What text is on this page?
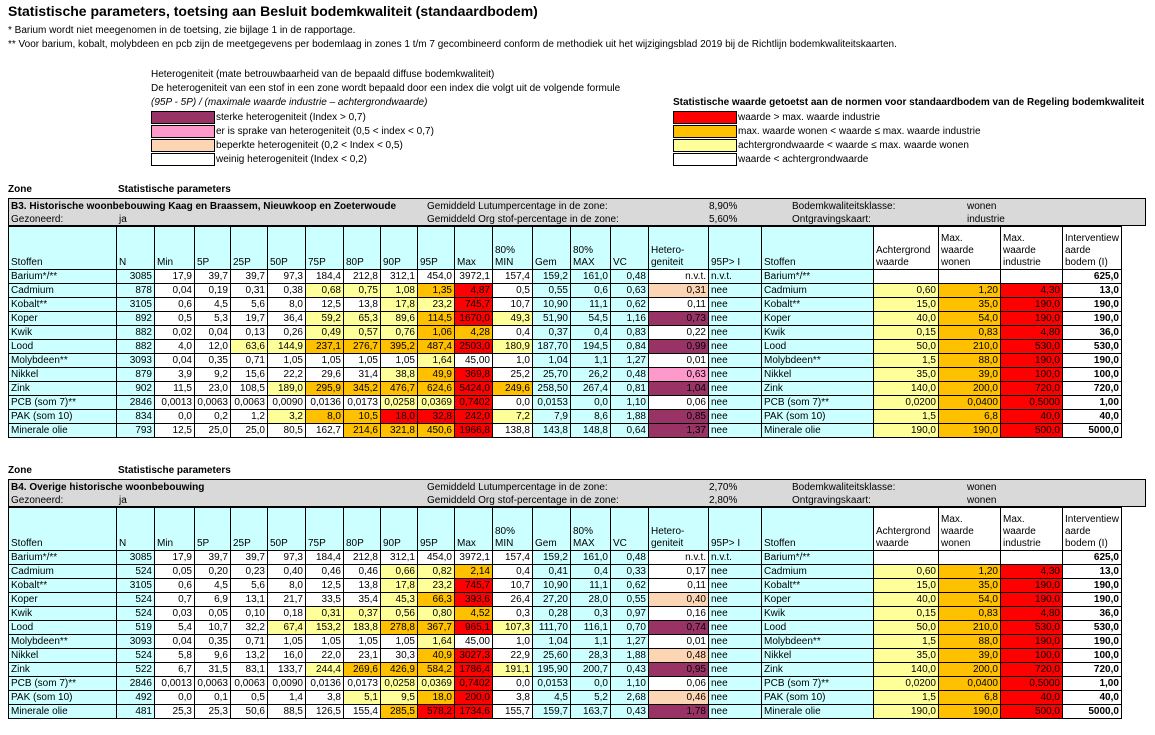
Statistische parameters, toetsing aan Besluit bodemkwaliteit (standaardbodem)
* Barium wordt niet meegenomen in de toetsing, zie bijlage 1 in de rapportage.
** Voor barium, kobalt, molybdeen en pcb zijn de meetgegevens per bodemlaag in zones 1 t/m 7 gecombineerd conform de methodiek uit het wijzigingsblad 2019 bij de Richtlijn bodemkwaliteitskaarten.
Heterogeniteit (mate betrouwbaarheid van de bepaald diffuse bodemkwaliteit)
De heterogeniteit van een stof in een zone wordt bepaald door een index die volgt uit de volgende formule
(95P - 5P) / (maximale waarde industrie – achtergrondwaarde)
sterke heterogeniteit (Index > 0,7)
er is sprake van heterogeniteit (0,5 < index < 0,7)
beperkte heterogeniteit (0,2 < Index < 0,5)
weinig heterogeniteit (Index < 0,2)
Statistische waarde getoetst aan de normen voor standaardbodem van de Regeling bodemkwaliteit
waarde > max. waarde industrie
max. waarde wonen < waarde ≤ max. waarde industrie
achtergrondwaarde < waarde ≤ max. waarde wonen
waarde < achtergrondwaarde
Zone	Statistische parameters
B3. Historische woonbebouwing Kaag en Braassem, Nieuwkoop en Zoeterwoude
Gezoneerd:	ja
Gemiddeld Lutumpercentage in de zone:	8,90%
Gemiddeld Org stof-percentage in de zone:	5,60%
Bodemkwaliteitsklasse:	wonen
Ontgravingskaart:	industrie
Stoffen	N	Min	5P	25P	50P	75P	80P	90P	95P	Max	80% MIN	Gem	80% MAX	VC	Hetero-geniteit	95P> I	Stoffen	Achtergrond waarde	Max. waarde wonen	Max. waarde industrie	Interventiew aarde bodem (I)
Barium*/**	3085	17,9	39,7	39,7	97,3	184,4	212,8	312,1	454,0	3972,1	157,4	159,2	161,0	0,48	n.v.t.	n.v.t.	Barium*/**				625,0
Cadmium	878	0,04	0,19	0,31	0,38	0,68	0,75	1,08	1,35	4,87	0,5	0,55	0,6	0,63	0,31	nee	Cadmium	0,60	1,20	4,30	13,0
Kobalt**	3105	0,6	4,5	5,6	8,0	12,5	13,8	17,8	23,2	745,7	10,7	10,90	11,1	0,62	0,11	nee	Kobalt**	15,0	35,0	190,0	190,0
Koper	892	0,5	5,3	19,7	36,4	59,2	65,3	89,6	114,5	1670,0	49,3	51,90	54,5	1,16	0,73	nee	Koper	40,0	54,0	190,0	190,0
Kwik	882	0,02	0,04	0,13	0,26	0,49	0,57	0,76	1,06	4,28	0,4	0,37	0,4	0,83	0,22	nee	Kwik	0,15	0,83	4,80	36,0
Lood	882	4,0	12,0	63,6	144,9	237,1	276,7	395,2	487,4	2503,0	180,9	187,70	194,5	0,84	0,99	nee	Lood	50,0	210,0	530,0	530,0
Molybdeen**	3093	0,04	0,35	0,71	1,05	1,05	1,05	1,05	1,64	45,00	1,0	1,04	1,1	1,27	0,01	nee	Molybdeen**	1,5	88,0	190,0	190,0
Nikkel	879	3,9	9,2	15,6	22,2	29,6	31,4	38,8	49,9	369,8	25,2	25,70	26,2	0,48	0,63	nee	Nikkel	35,0	39,0	100,0	100,0
Zink	902	11,5	23,0	108,5	189,0	295,9	345,2	476,7	624,6	5424,0	249,6	258,50	267,4	0,81	1,04	nee	Zink	140,0	200,0	720,0	720,0
PCB (som 7)**	2846	0,0013	0,0063	0,0063	0,0090	0,0136	0,0173	0,0258	0,0369	0,7402	0,0	0,0153	0,0	1,10	0,06	nee	PCB (som 7)**	0,0200	0,0400	0,5000	1,00
PAK (som 10)	834	0,0	0,2	1,2	3,2	8,0	10,5	18,0	32,8	242,0	7,2	7,9	8,6	1,88	0,85	nee	PAK (som 10)	1,5	6,8	40,0	40,0
Minerale olie	793	12,5	25,0	25,0	80,5	162,7	214,6	321,8	450,6	1966,8	138,8	143,8	148,8	0,64	1,37	nee	Minerale olie	190,0	190,0	500,0	5000,0
Zone	Statistische parameters
B4. Overige historische woonbebouwing
Gezoneerd:	ja
Gemiddeld Lutumpercentage in de zone:	2,70%
Gemiddeld Org stof-percentage in de zone:	2,80%
Bodemkwaliteitsklasse:	wonen
Ontgravingskaart:	wonen
Stoffen	N	Min	5P	25P	50P	75P	80P	90P	95P	Max	80% MIN	Gem	80% MAX	VC	Hetero-geniteit	95P> I	Stoffen	Achtergrond waarde	Max. waarde wonen	Max. waarde industrie	Interventiew aarde bodem (I)
Barium*/**	3085	17,9	39,7	39,7	97,3	184,4	212,8	312,1	454,0	3972,1	157,4	159,2	161,0	0,48	n.v.t.	n.v.t.	Barium*/**				625,0
Cadmium	524	0,05	0,20	0,23	0,40	0,46	0,46	0,66	0,82	2,14	0,4	0,41	0,4	0,33	0,17	nee	Cadmium	0,60	1,20	4,30	13,0
Kobalt**	3105	0,6	4,5	5,6	8,0	12,5	13,8	17,8	23,2	745,7	10,7	10,90	11,1	0,62	0,11	nee	Kobalt**	15,0	35,0	190,0	190,0
Koper	524	0,7	6,9	13,1	21,7	33,5	35,4	45,3	66,3	393,6	26,4	27,20	28,0	0,55	0,40	nee	Koper	40,0	54,0	190,0	190,0
Kwik	524	0,03	0,05	0,10	0,18	0,31	0,37	0,56	0,80	4,52	0,3	0,28	0,3	0,97	0,16	nee	Kwik	0,15	0,83	4,80	36,0
Lood	519	5,4	10,7	32,2	67,4	153,2	183,8	278,8	367,7	965,1	107,3	111,70	116,1	0,70	0,74	nee	Lood	50,0	210,0	530,0	530,0
Molybdeen**	3093	0,04	0,35	0,71	1,05	1,05	1,05	1,05	1,64	45,00	1,0	1,04	1,1	1,27	0,01	nee	Molybdeen**	1,5	88,0	190,0	190,0
Nikkel	524	5,8	9,6	13,2	16,0	22,0	23,1	30,3	40,9	3027,3	22,9	25,60	28,3	1,88	0,48	nee	Nikkel	35,0	39,0	100,0	100,0
Zink	522	6,7	31,5	83,1	133,7	244,4	269,6	426,9	584,2	1786,4	191,1	195,90	200,7	0,43	0,95	nee	Zink	140,0	200,0	720,0	720,0
PCB (som 7)**	2846	0,0013	0,0063	0,0063	0,0090	0,0136	0,0173	0,0258	0,0369	0,7402	0,0	0,0153	0,0	1,10	0,06	nee	PCB (som 7)**	0,0200	0,0400	0,5000	1,00
PAK (som 10)	492	0,0	0,1	0,5	1,4	3,8	5,1	9,5	18,0	200,0	3,8	4,5	5,2	2,68	0,46	nee	PAK (som 10)	1,5	6,8	40,0	40,0
Minerale olie	481	25,3	25,3	50,6	88,5	126,5	155,4	285,5	578,2	1734,6	155,7	159,7	163,7	0,43	1,78	nee	Minerale olie	190,0	190,0	500,0	5000,0
